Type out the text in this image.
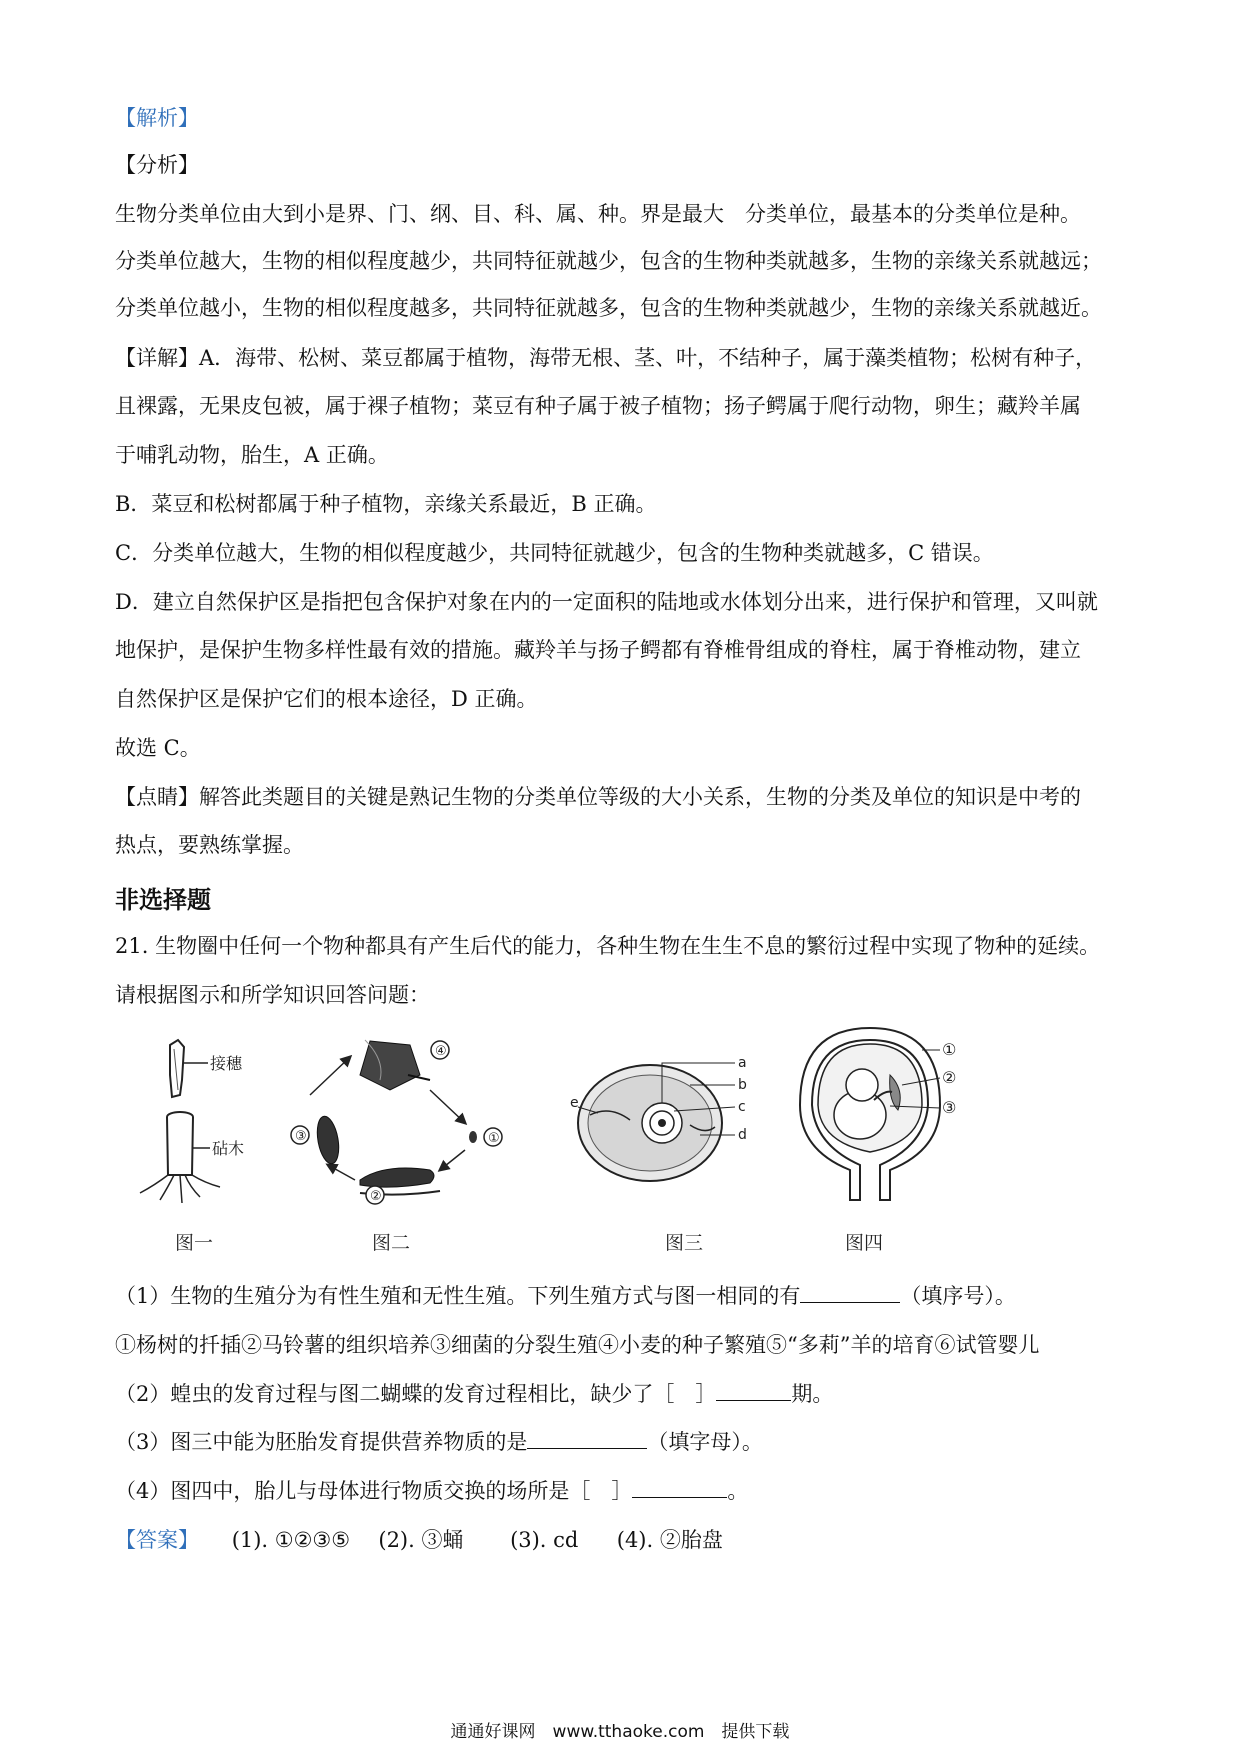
【解析】
【分析】
生物分类单位由大到小是界、门、纲、目、科、属、种。界是最大　分类单位，最基本的分类单位是种。
分类单位越大，生物的相似程度越少，共同特征就越少，包含的生物种类就越多，生物的亲缘关系就越远；
分类单位越小，生物的相似程度越多，共同特征就越多，包含的生物种类就越少，生物的亲缘关系就越近。
【详解】A．海带、松树、菜豆都属于植物，海带无根、茎、叶，不结种子，属于藻类植物；松树有种子，
且裸露，无果皮包被，属于裸子植物；菜豆有种子属于被子植物；扬子鳄属于爬行动物，卵生；藏羚羊属
于哺乳动物，胎生，A 正确。
B．菜豆和松树都属于种子植物，亲缘关系最近，B 正确。
C．分类单位越大，生物的相似程度越少，共同特征就越少，包含的生物种类就越多，C 错误。
D．建立自然保护区是指把包含保护对象在内的一定面积的陆地或水体划分出来，进行保护和管理，又叫就
地保护，是保护生物多样性最有效的措施。藏羚羊与扬子鳄都有脊椎骨组成的脊柱，属于脊椎动物，建立
自然保护区是保护它们的根本途径，D 正确。
故选 C。
【点睛】解答此类题目的关键是熟记生物的分类单位等级的大小关系，生物的分类及单位的知识是中考的
热点，要熟练掌握。
非选择题
21. 生物圈中任何一个物种都具有产生后代的能力，各种生物在生生不息的繁衍过程中实现了物种的延续。
请根据图示和所学知识回答问题：
接穗
砧木
图一
④
①
②
③
图二
a
b
c
d
e
图三
①
②
③
图四
（1）生物的生殖分为有性生殖和无性生殖。下列生殖方式与图一相同的有	（填序号）。
①杨树的扦插②马铃薯的组织培养③细菌的分裂生殖④小麦的种子繁殖⑤“多莉”羊的培育⑥试管婴儿
（2）蝗虫的发育过程与图二蝴蝶的发育过程相比，缺少了［　］	期。
（3）图三中能为胚胎发育提供营养物质的是	（填字母）。
（4）图四中，胎儿与母体进行物质交换的场所是［　］	。
【答案】 (1). ①②③⑤ (2). ③蛹 (3). cd (4). ②胎盘
通通好课网　www.tthaoke.com　提供下载
